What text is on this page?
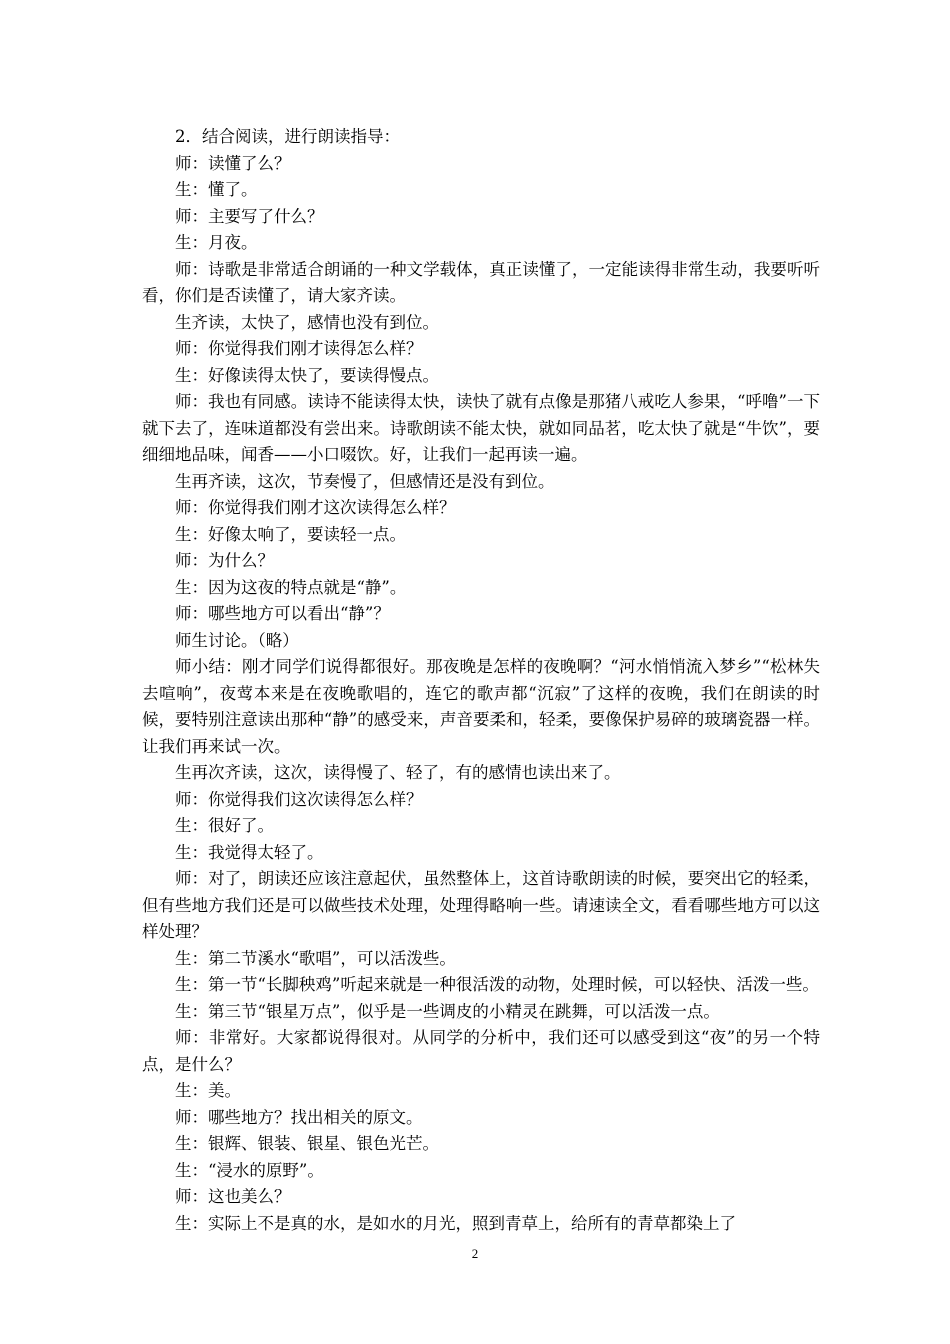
2．结合阅读，进行朗读指导：

师：读懂了么？

生：懂了。

师：主要写了什么？

生：月夜。

师：诗歌是非常适合朗诵的一种文学载体，真正读懂了，一定能读得非常生动，我要听听看，你们是否读懂了，请大家齐读。

生齐读，太快了，感情也没有到位。

师：你觉得我们刚才读得怎么样？

生：好像读得太快了，要读得慢点。

师：我也有同感。读诗不能读得太快，读快了就有点像是那猪八戒吃人参果，“呼噜”一下就下去了，连味道都没有尝出来。诗歌朗读不能太快，就如同品茗，吃太快了就是“牛饮”，要细细地品味，闻香——小口啜饮。好，让我们一起再读一遍。

生再齐读，这次，节奏慢了，但感情还是没有到位。

师：你觉得我们刚才这次读得怎么样？

生：好像太响了，要读轻一点。

师：为什么？

生：因为这夜的特点就是“静”。

师：哪些地方可以看出“静”？

师生讨论。（略）

师小结：刚才同学们说得都很好。那夜晚是怎样的夜晚啊？“河水悄悄流入梦乡”“松林失去喧响”，夜莺本来是在夜晚歌唱的，连它的歌声都“沉寂”了这样的夜晚，我们在朗读的时候，要特别注意读出那种“静”的感受来，声音要柔和，轻柔，要像保护易碎的玻璃瓷器一样。让我们再来试一次。

生再次齐读，这次，读得慢了、轻了，有的感情也读出来了。

师：你觉得我们这次读得怎么样？

生：很好了。

生：我觉得太轻了。

师：对了，朗读还应该注意起伏，虽然整体上，这首诗歌朗读的时候，要突出它的轻柔，但有些地方我们还是可以做些技术处理，处理得略响一些。请速读全文，看看哪些地方可以这样处理？

生：第二节溪水“歌唱”，可以活泼些。

生：第一节“长脚秧鸡”听起来就是一种很活泼的动物，处理时候，可以轻快、活泼一些。

生：第三节“银星万点”，似乎是一些调皮的小精灵在跳舞，可以活泼一点。

师：非常好。大家都说得很对。从同学的分析中，我们还可以感受到这“夜”的另一个特点，是什么？

生：美。

师：哪些地方？找出相关的原文。

生：银辉、银装、银星、银色光芒。

生：“浸水的原野”。

师：这也美么？

生：实际上不是真的水，是如水的月光，照到青草上，给所有的青草都染上了

2
